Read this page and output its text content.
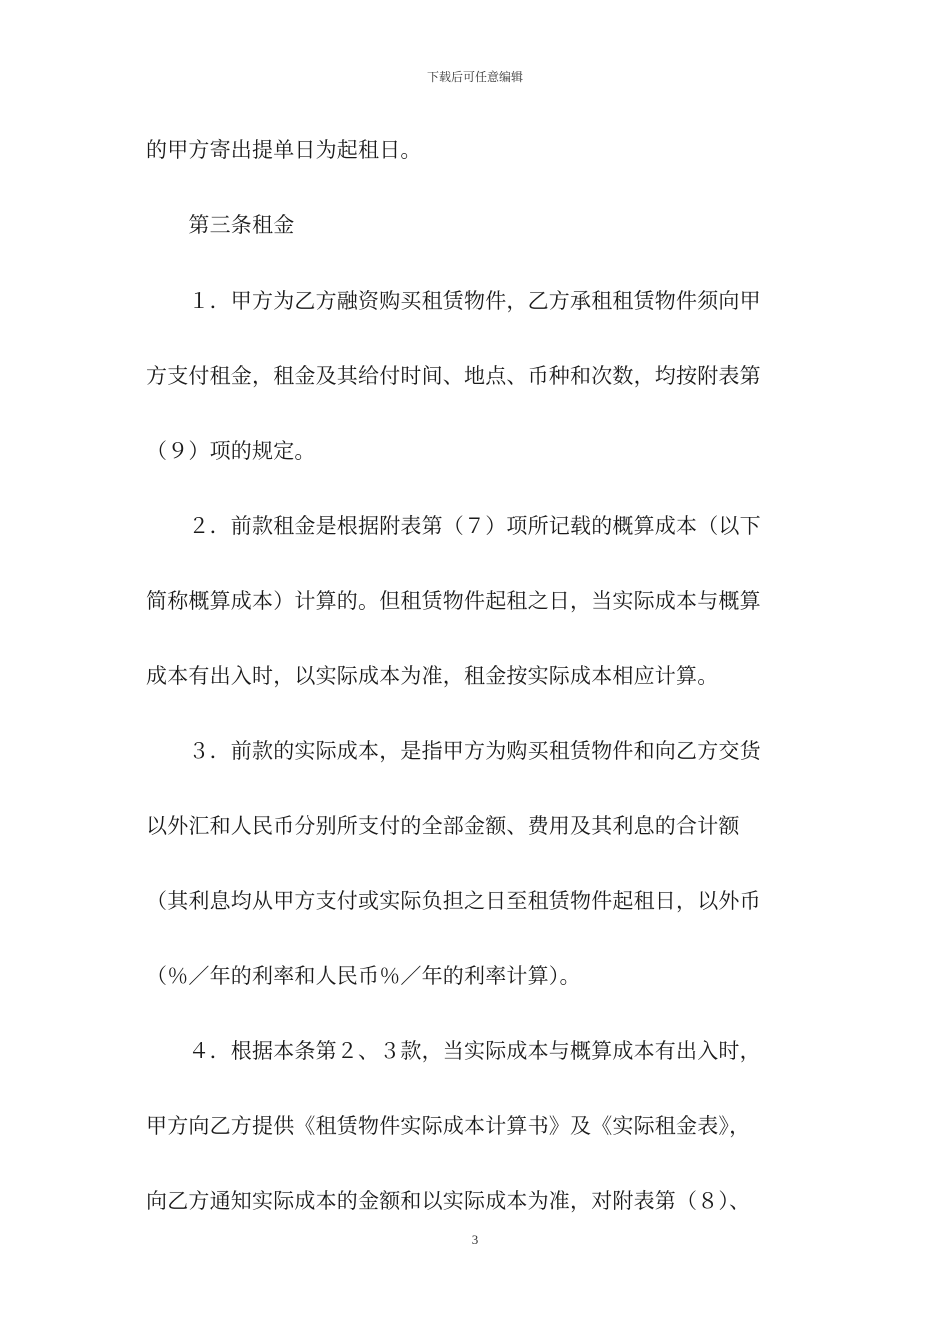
下载后可任意编辑
的甲方寄出提单日为起租日。
　　第三条租金
　　１．甲方为乙方融资购买租赁物件，乙方承租租赁物件须向甲
方支付租金，租金及其给付时间、地点、币种和次数，均按附表第
（９）项的规定。
　　２．前款租金是根据附表第（７）项所记载的概算成本（以下
简称概算成本）计算的。但租赁物件起租之日，当实际成本与概算
成本有出入时，以实际成本为准，租金按实际成本相应计算。
　　３．前款的实际成本，是指甲方为购买租赁物件和向乙方交货
以外汇和人民币分别所支付的全部金额、费用及其利息的合计额
（其利息均从甲方支付或实际负担之日至租赁物件起租日，以外币
（％／年的利率和人民币％／年的利率计算）。
　　４．根据本条第２、３款，当实际成本与概算成本有出入时，
甲方向乙方提供《租赁物件实际成本计算书》及《实际租金表》，
向乙方通知实际成本的金额和以实际成本为准，对附表第（８）、
3
